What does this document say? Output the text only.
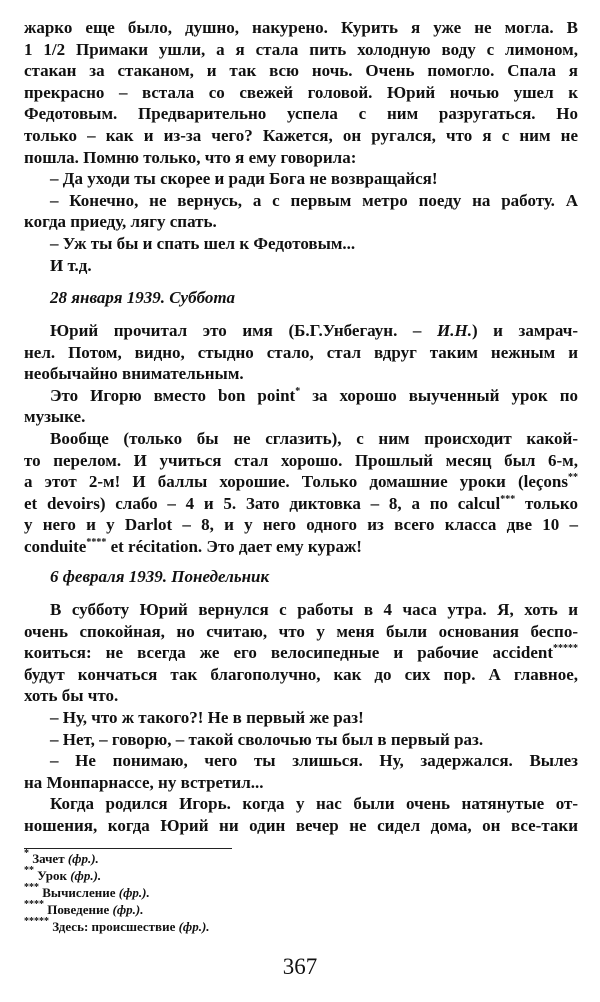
жарко еще было, душно, накурено. Курить я уже не могла. В
1 1/2 Примаки ушли, а я стала пить холодную воду с лимоном,
стакан за стаканом, и так всю ночь. Очень помогло. Спала я
прекрасно – встала со свежей головой. Юрий ночью ушел к
Федотовым. Предварительно успела с ним разругаться. Но
только – как и из-за чего? Кажется, он ругался, что я с ним не
пошла. Помню только, что я ему говорила:
– Да уходи ты скорее и ради Бога не возвращайся!
– Конечно, не вернусь, а с первым метро поеду на работу. А
когда приеду, лягу спать.
– Уж ты бы и спать шел к Федотовым...
И т.д.
28 января 1939. Суббота
Юрий прочитал это имя (Б.Г.Унбегаун. – И.Н.) и замрач-
нел. Потом, видно, стыдно стало, стал вдруг таким нежным и
необычайно внимательным.
Это Игорю вместо bon point* за хорошо выученный урок по
музыке.
Вообще (только бы не сглазить), с ним происходит какой-
то перелом. И учиться стал хорошо. Прошлый месяц был 6-м,
а этот 2-м! И баллы хорошие. Только домашние уроки (leçons**
et devoirs) слабо – 4 и 5. Зато диктовка – 8, а по calcul*** только
у него и у Darlot – 8, и у него одного из всего класса две 10 –
conduite**** et récitation. Это дает ему кураж!
6 февраля 1939. Понедельник
В субботу Юрий вернулся с работы в 4 часа утра. Я, хоть и
очень спокойная, но считаю, что у меня были основания беспо-
коиться: не всегда же его велосипедные и рабочие accident*****
будут кончаться так благополучно, как до сих пор. А главное,
хоть бы что.
– Ну, что ж такого?! Не в первый же раз!
– Нет, – говорю, – такой сволочью ты был в первый раз.
– Не понимаю, чего ты злишься. Ну, задержался. Вылез
на Монпарнассе, ну встретил...
Когда родился Игорь. когда у нас были очень натянутые от-
ношения, когда Юрий ни один вечер не сидел дома, он все-таки
* Зачет (фр.).
** Урок (фр.).
*** Вычисление (фр.).
**** Поведение (фр.).
***** Здесь: происшествие (фр.).
367
